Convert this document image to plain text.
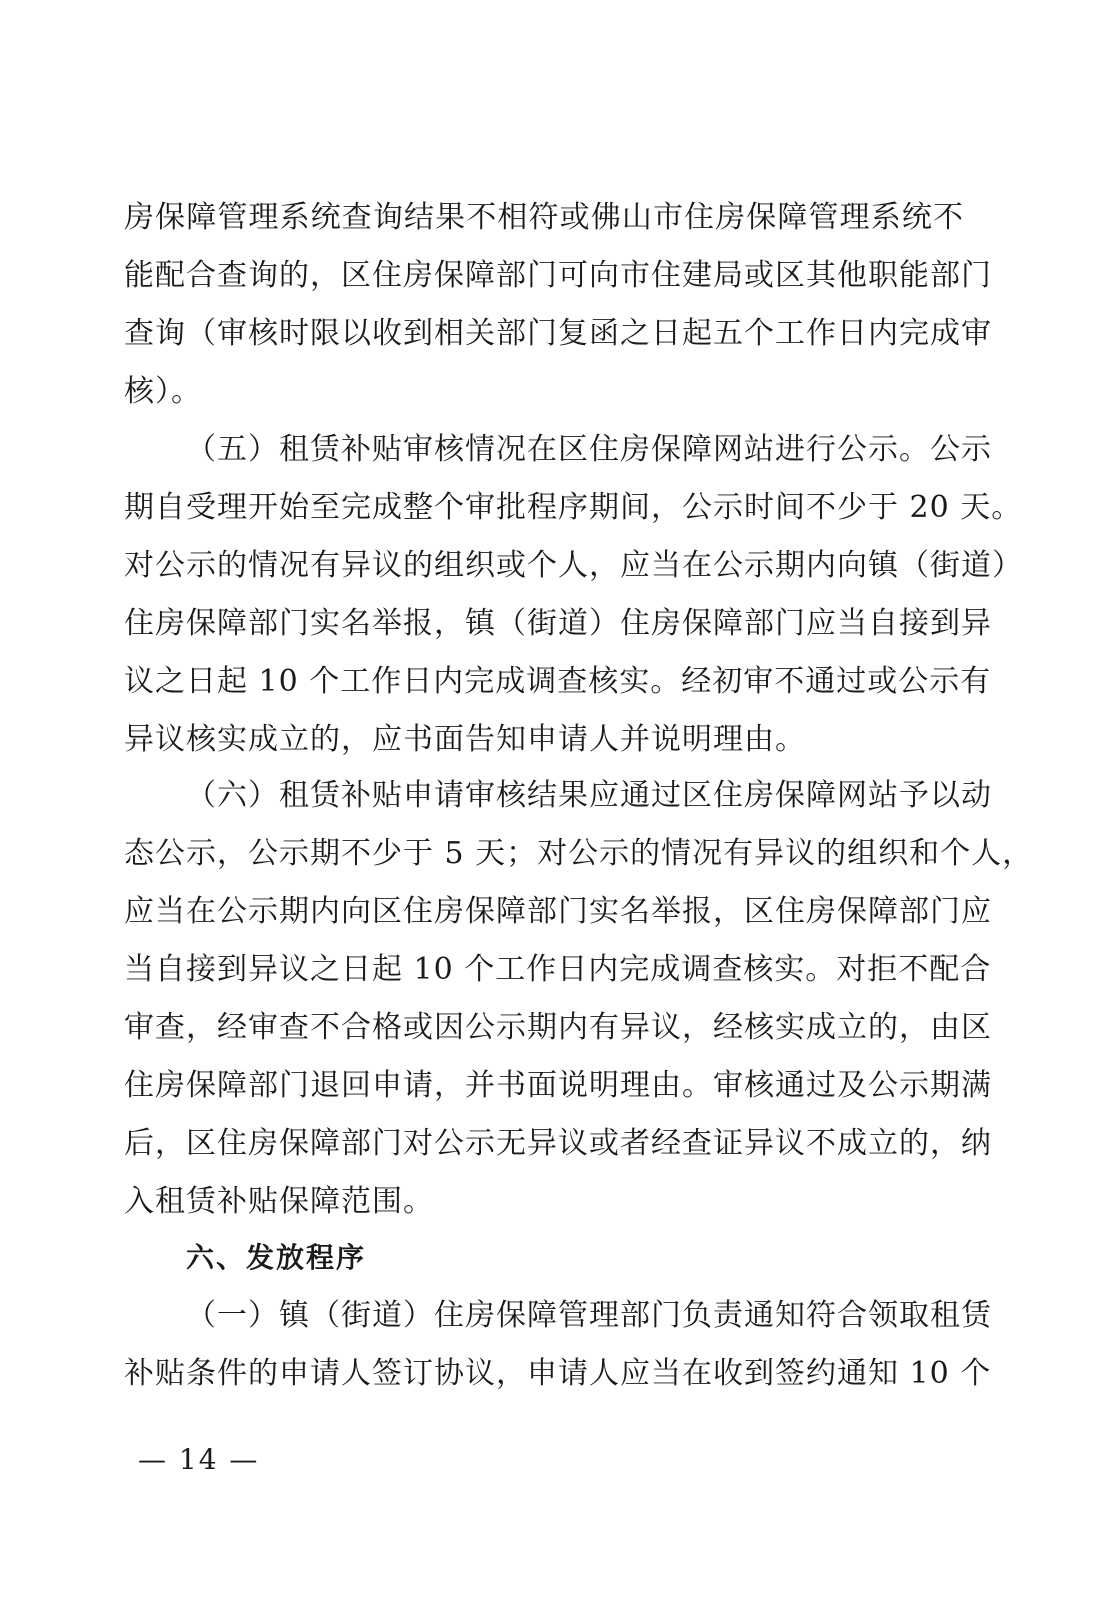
房保障管理系统查询结果不相符或佛山市住房保障管理系统不
能配合查询的，区住房保障部门可向市住建局或区其他职能部门
查询（审核时限以收到相关部门复函之日起五个工作日内完成审
核）。
（五）租赁补贴审核情况在区住房保障网站进行公示。公示
期自受理开始至完成整个审批程序期间，公示时间不少于 20 天。
对公示的情况有异议的组织或个人，应当在公示期内向镇（街道）
住房保障部门实名举报，镇（街道）住房保障部门应当自接到异
议之日起 10 个工作日内完成调查核实。经初审不通过或公示有
异议核实成立的，应书面告知申请人并说明理由。
（六）租赁补贴申请审核结果应通过区住房保障网站予以动
态公示，公示期不少于 5 天；对公示的情况有异议的组织和个人，
应当在公示期内向区住房保障部门实名举报，区住房保障部门应
当自接到异议之日起 10 个工作日内完成调查核实。对拒不配合
审查，经审查不合格或因公示期内有异议，经核实成立的，由区
住房保障部门退回申请，并书面说明理由。审核通过及公示期满
后，区住房保障部门对公示无异议或者经查证异议不成立的，纳
入租赁补贴保障范围。
六、发放程序
（一）镇（街道）住房保障管理部门负责通知符合领取租赁
补贴条件的申请人签订协议，申请人应当在收到签约通知 10 个
— 14 —
